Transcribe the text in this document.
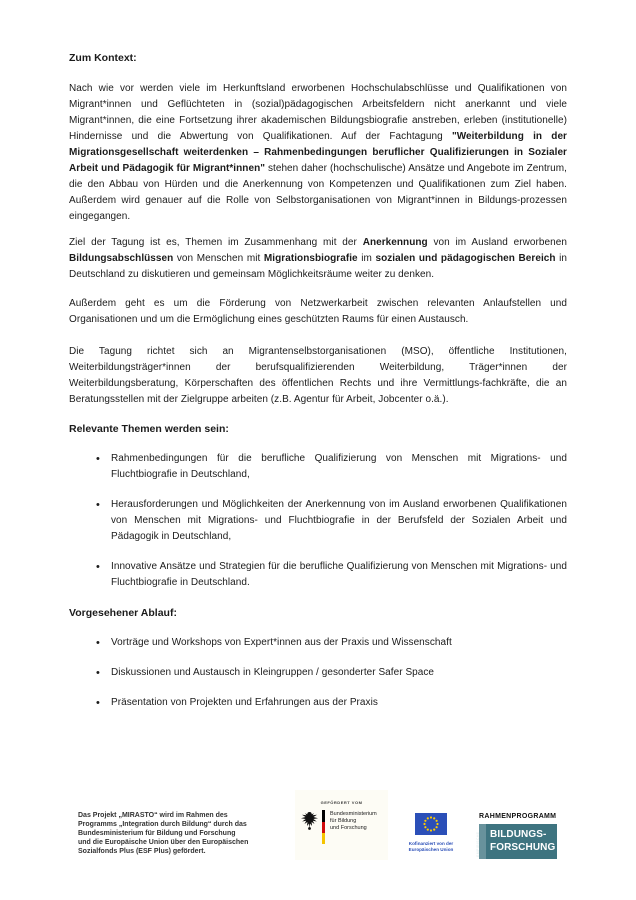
Zum Kontext:

Nach wie vor werden viele im Herkunftsland erworbenen Hochschulabschlüsse und Qualifikationen von Migrant*innen und Geflüchteten in (sozial)pädagogischen Arbeitsfeldern nicht anerkannt und viele Migrant*innen, die eine Fortsetzung ihrer akademischen Bildungsbiografie anstreben, erleben (institutionelle) Hindernisse und die Abwertung von Qualifikationen. Auf der Fachtagung "Weiterbildung in der Migrationsgesellschaft weiterdenken – Rahmenbedingungen beruflicher Qualifizierungen in Sozialer Arbeit und Pädagogik für Migrant*innen" stehen daher (hochschulische) Ansätze und Angebote im Zentrum, die den Abbau von Hürden und die Anerkennung von Kompetenzen und Qualifikationen zum Ziel haben. Außerdem wird genauer auf die Rolle von Selbstorganisationen von Migrant*innen in Bildungs-prozessen eingegangen.

Ziel der Tagung ist es, Themen im Zusammenhang mit der Anerkennung von im Ausland erworbenen Bildungsabschlüssen von Menschen mit Migrationsbiografie im sozialen und pädagogischen Bereich in Deutschland zu diskutieren und gemeinsam Möglichkeitsräume weiter zu denken.

Außerdem geht es um die Förderung von Netzwerkarbeit zwischen relevanten Anlaufstellen und Organisationen und um die Ermöglichung eines geschützten Raums für einen Austausch.

Die Tagung richtet sich an Migrantenselbstorganisationen (MSO), öffentliche Institutionen, Weiterbildungsträger*innen der berufsqualifizierenden Weiterbildung, Träger*innen der Weiterbildungsberatung, Körperschaften des öffentlichen Rechts und ihre Vermittlungs-fachkräfte, die an Beratungsstellen mit der Zielgruppe arbeiten (z.B. Agentur für Arbeit, Jobcenter o.ä.).

Relevante Themen werden sein:
• Rahmenbedingungen für die berufliche Qualifizierung von Menschen mit Migrations- und Fluchtbiografie in Deutschland,
• Herausforderungen und Möglichkeiten der Anerkennung von im Ausland erworbenen Qualifikationen von Menschen mit Migrations- und Fluchtbiografie in der Berufsfeld der Sozialen Arbeit und Pädagogik in Deutschland,
• Innovative Ansätze und Strategien für die berufliche Qualifizierung von Menschen mit Migrations- und Fluchtbiografie in Deutschland.
Vorgesehener Ablauf:
• Vorträge und Workshops von Expert*innen aus der Praxis und Wissenschaft
• Diskussionen und Austausch in Kleingruppen / gesonderter Safer Space
• Präsentation von Projekten und Erfahrungen aus der Praxis
Das Projekt „MIRASTO“ wird im Rahmen des Programms „Integration durch Bildung“ durch das Bundesministerium für Bildung und Forschung und die Europäische Union über den Europäischen Sozialfonds Plus (ESF Plus) gefördert.
GEFÖRDERT VOM
Bundesministerium
für Bildung
und Forschung
Kofinanziert von der
Europäischen Union
RAHMENPROGRAMM
EMPIRISCHE BILDUNGS-
FORSCHUNG
